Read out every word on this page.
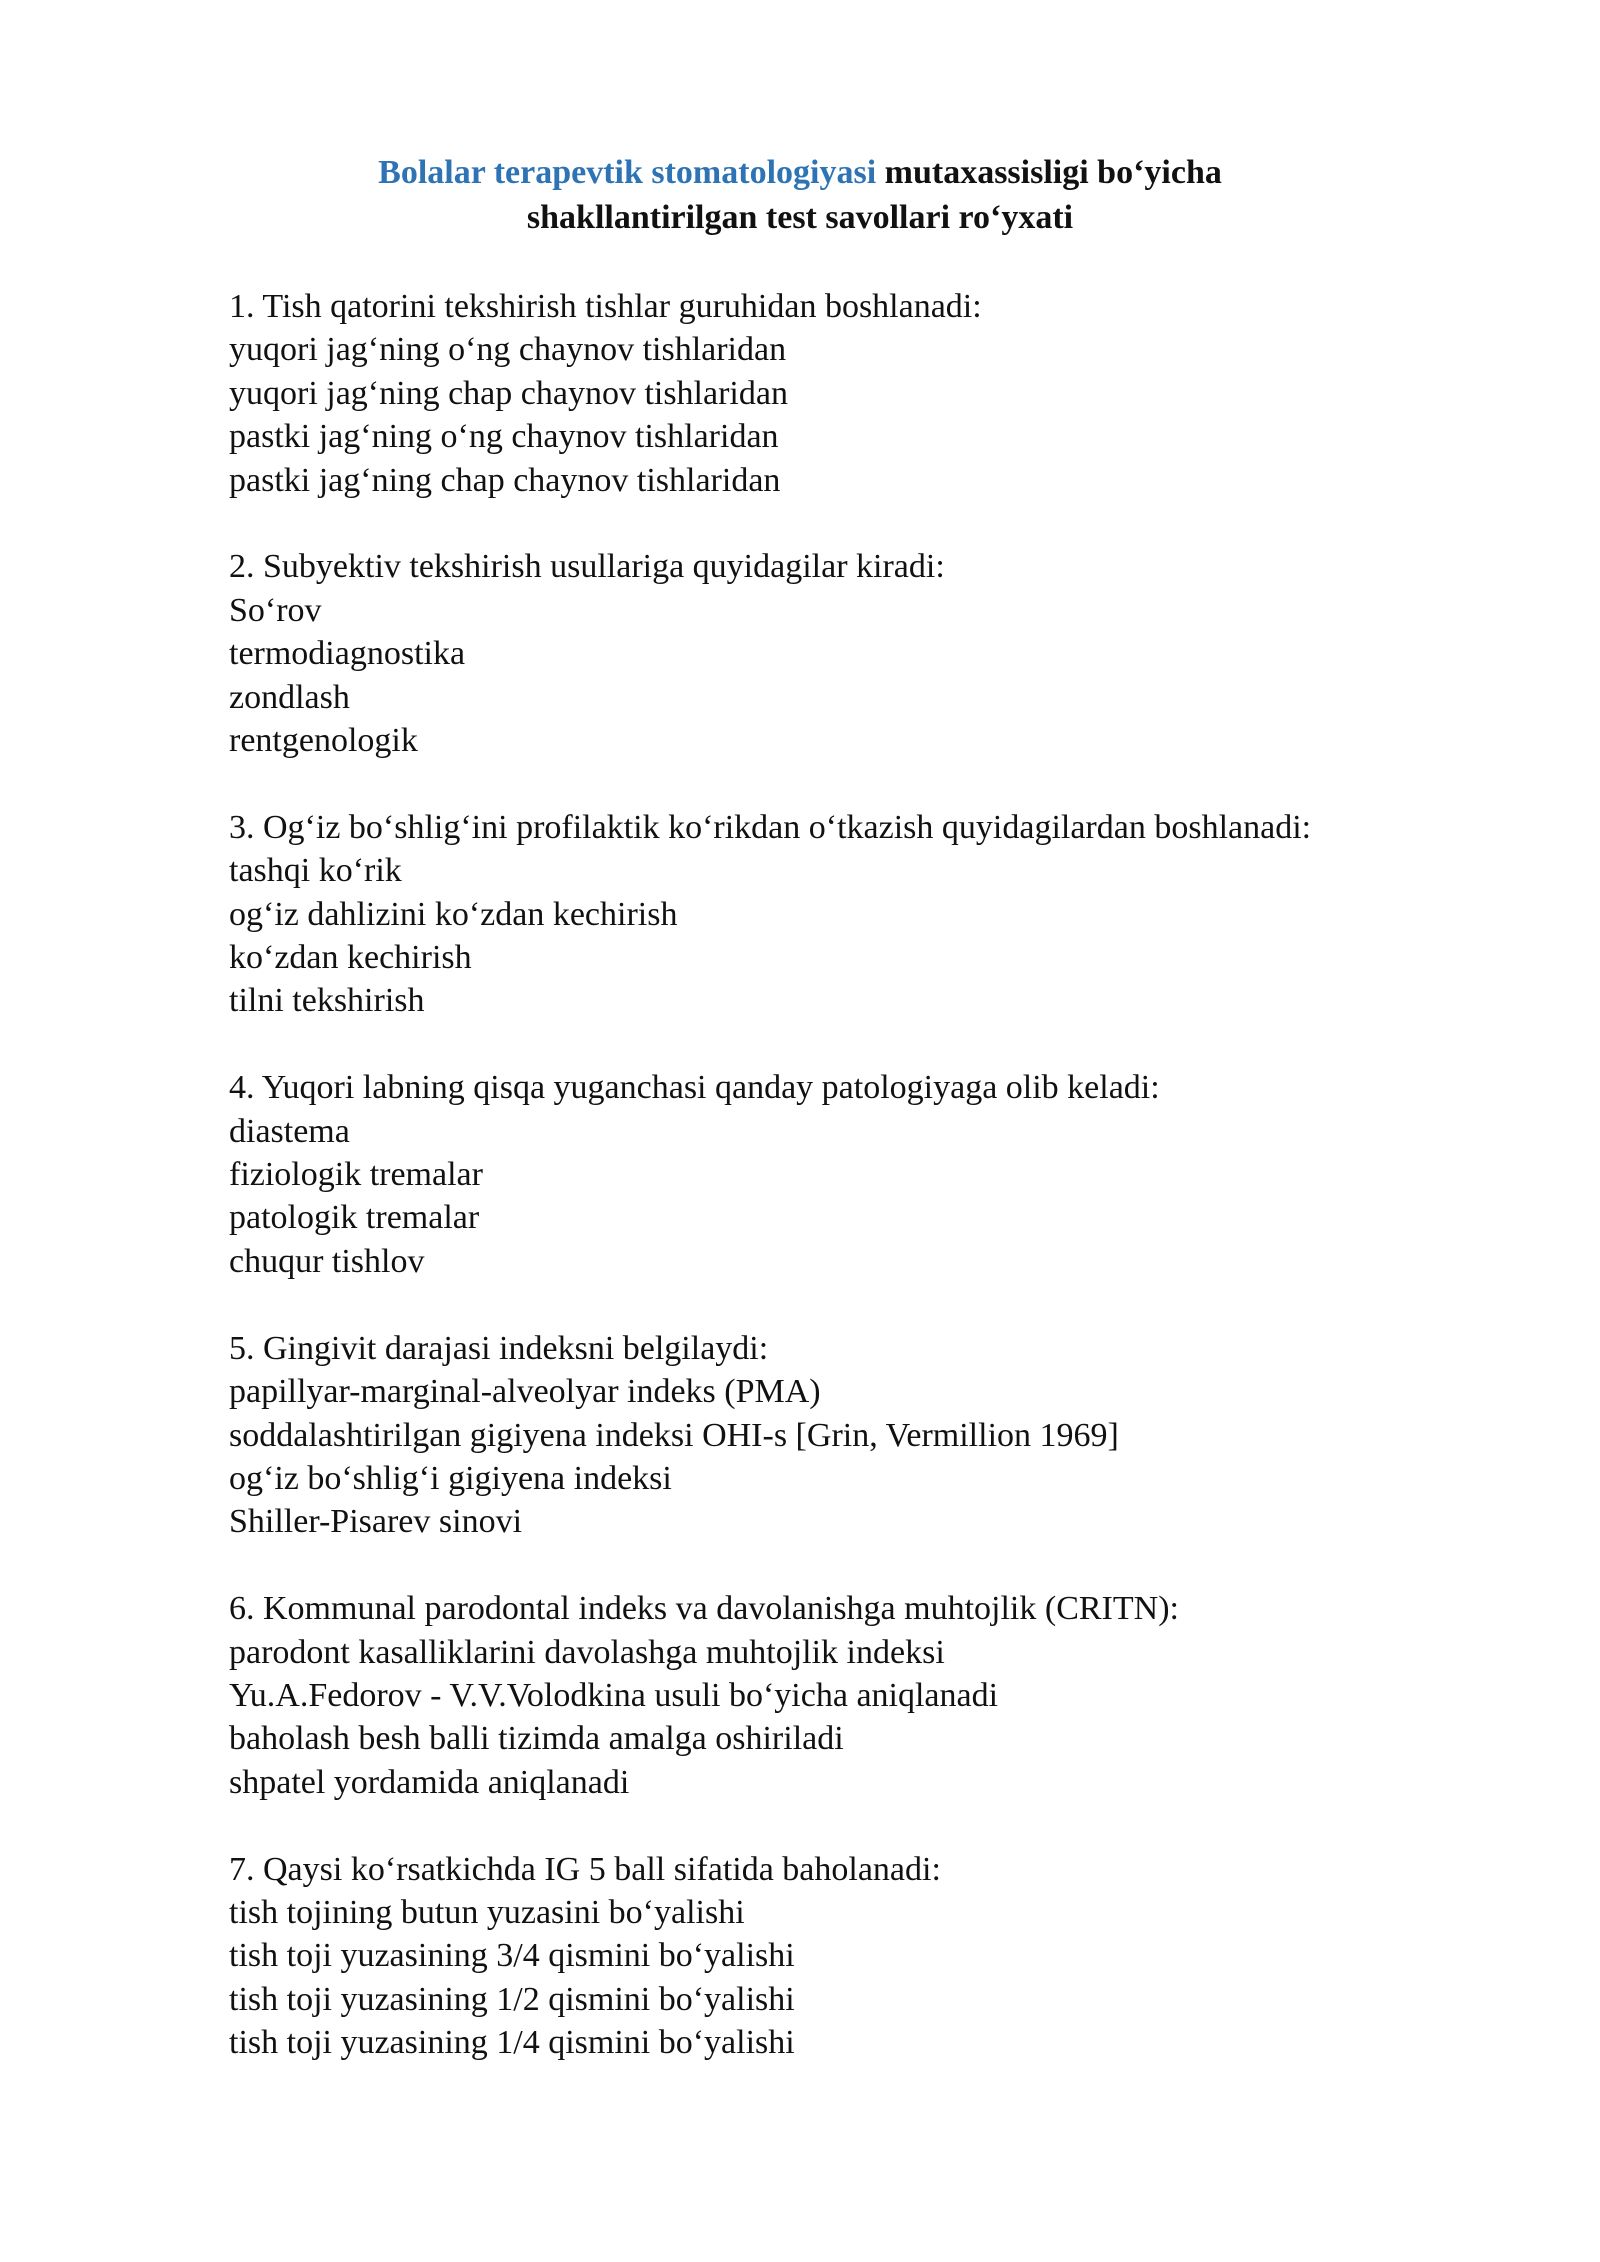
Bolalar terapevtik stomatologiyasi mutaxassisligi bo‘yicha
shakllantirilgan test savollari ro‘yxati
1. Tish qatorini tekshirish tishlar guruhidan boshlanadi:
yuqori jag‘ning o‘ng chaynov tishlaridan
yuqori jag‘ning chap chaynov tishlaridan
pastki jag‘ning o‘ng chaynov tishlaridan
pastki jag‘ning chap chaynov tishlaridan
2. Subyektiv tekshirish usullariga quyidagilar kiradi:
So‘rov
termodiagnostika
zondlash
rentgenologik
3. Og‘iz bo‘shlig‘ini profilaktik ko‘rikdan o‘tkazish quyidagilardan boshlanadi:
tashqi ko‘rik
og‘iz dahlizini ko‘zdan kechirish
ko‘zdan kechirish
tilni tekshirish
4. Yuqori labning qisqa yuganchasi qanday patologiyaga olib keladi:
diastema
fiziologik tremalar
patologik tremalar
chuqur tishlov
5. Gingivit darajasi indeksni belgilaydi:
papillyar-marginal-alveolyar indeks (PMA)
soddalashtirilgan gigiyena indeksi OHI-s [Grin, Vermillion 1969]
og‘iz bo‘shlig‘i gigiyena indeksi
Shiller-Pisarev sinovi
6. Kommunal parodontal indeks va davolanishga muhtojlik (CRITN):
parodont kasalliklarini davolashga muhtojlik indeksi
Yu.A.Fedorov - V.V.Volodkina usuli bo‘yicha aniqlanadi
baholash besh balli tizimda amalga oshiriladi
shpatel yordamida aniqlanadi
7. Qaysi ko‘rsatkichda IG 5 ball sifatida baholanadi:
tish tojining butun yuzasini bo‘yalishi
tish toji yuzasining 3/4 qismini bo‘yalishi
tish toji yuzasining 1/2 qismini bo‘yalishi
tish toji yuzasining 1/4 qismini bo‘yalishi
